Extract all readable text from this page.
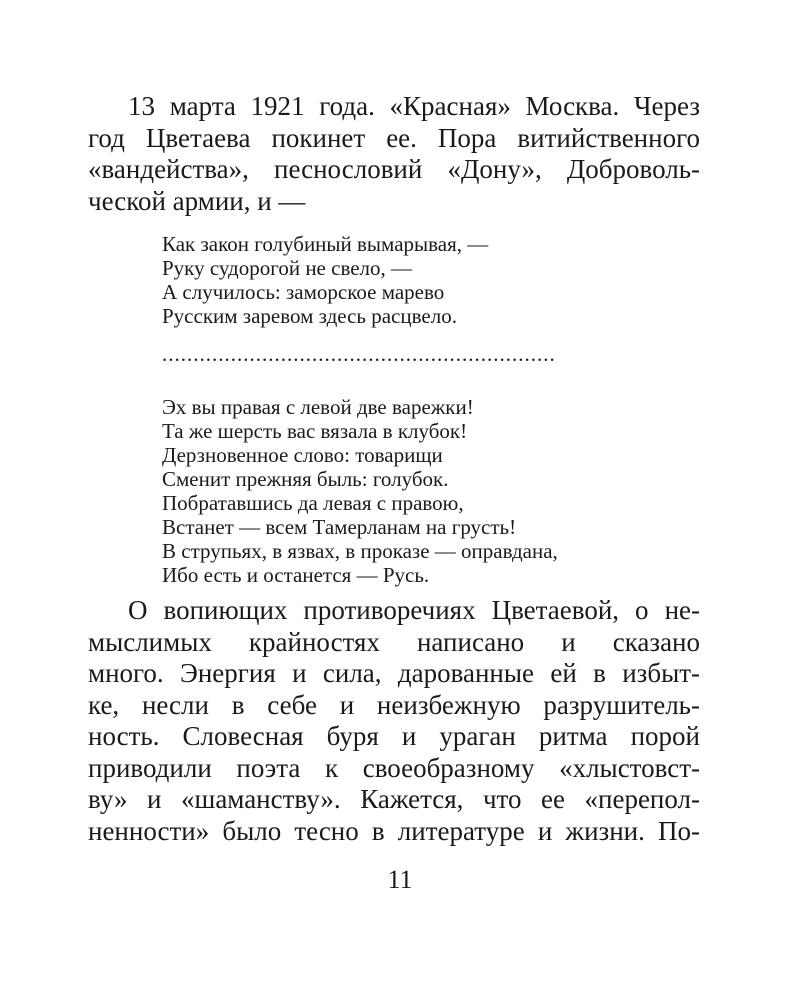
13 марта 1921 года. «Красная» Москва. Через
год Цветаева покинет ее. Пора витийственного
«вандейства», песнословий «Дону», Доброволь-
ческой армии, и —
Как закон голубиный вымарывая, —
Руку судорогой не свело, —
А случилось: заморское марево
Русским заревом здесь расцвело.
...............................................................
Эх вы правая с левой две варежки!
Та же шерсть вас вязала в клубок!
Дерзновенное слово: товарищи
Сменит прежняя быль: голубок.
Побратавшись да левая с правою,
Встанет — всем Тамерланам на грусть!
В струпьях, в язвах, в проказе — оправдана,
Ибо есть и останется — Русь.
О вопиющих противоречиях Цветаевой, о не-
мыслимых крайностях написано и сказано
много. Энергия и сила, дарованные ей в избыт-
ке, несли в себе и неизбежную разрушитель-
ность. Словесная буря и ураган ритма порой
приводили поэта к своеобразному «хлыстовст-
ву» и «шаманству». Кажется, что ее «перепол-
ненности» было тесно в литературе и жизни. По-
11
